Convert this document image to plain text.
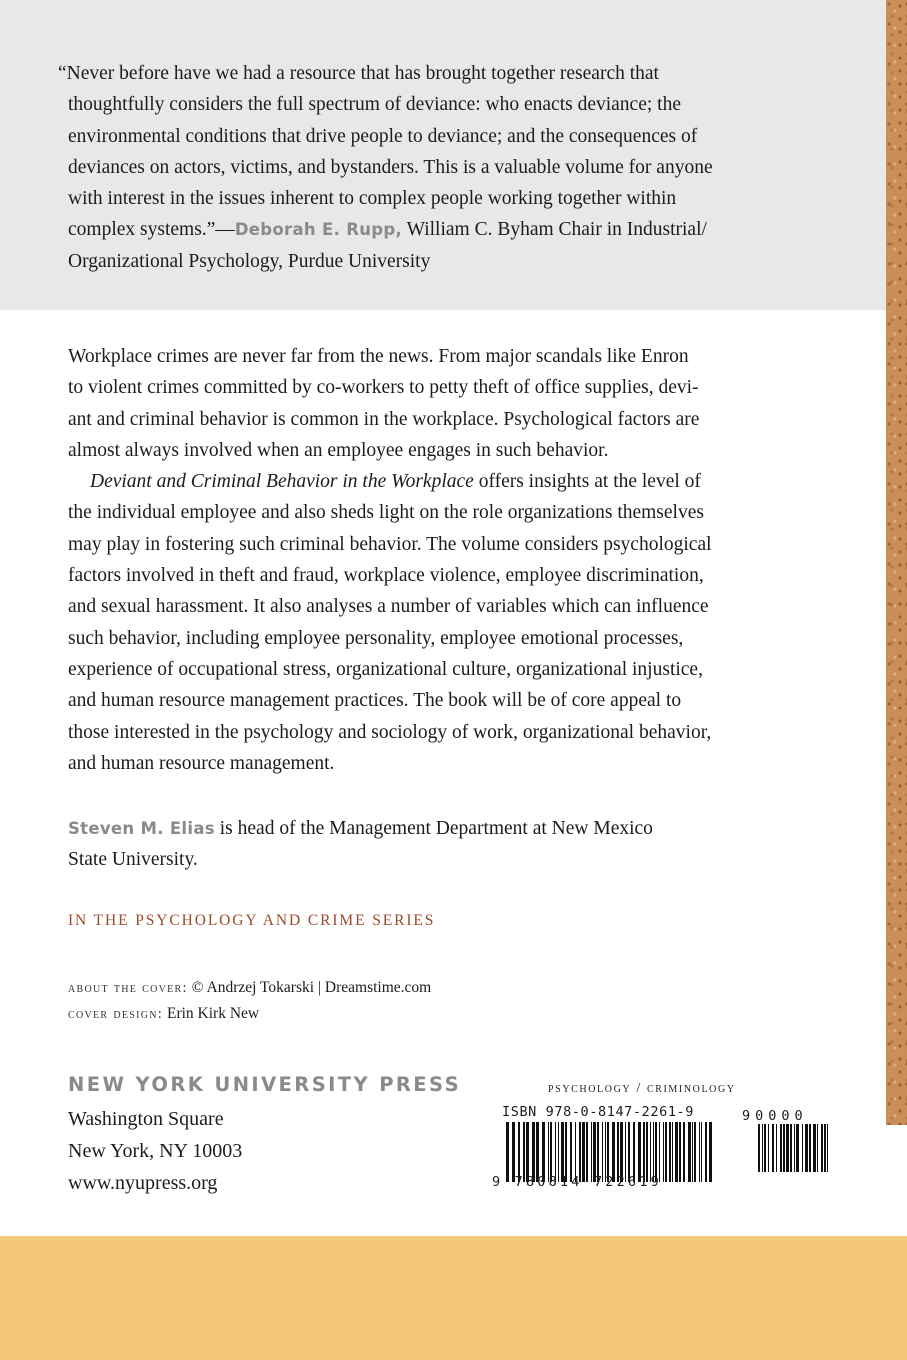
“Never before have we had a resource that has brought together research that
thoughtfully considers the full spectrum of deviance: who enacts deviance; the
environmental conditions that drive people to deviance; and the consequences of
deviances on actors, victims, and bystanders. This is a valuable volume for anyone
with interest in the issues inherent to complex people working together within
complex systems.”—Deborah E. Rupp, William C. Byham Chair in Industrial/
Organizational Psychology, Purdue University

Workplace crimes are never far from the news. From major scandals like Enron
to violent crimes committed by co-workers to petty theft of office supplies, devi-
ant and criminal behavior is common in the workplace. Psychological factors are
almost always involved when an employee engages in such behavior.
Deviant and Criminal Behavior in the Workplace offers insights at the level of
the individual employee and also sheds light on the role organizations themselves
may play in fostering such criminal behavior. The volume considers psychological
factors involved in theft and fraud, workplace violence, employee discrimination,
and sexual harassment. It also analyses a number of variables which can influence
such behavior, including employee personality, employee emotional processes,
experience of occupational stress, organizational culture, organizational injustice,
and human resource management practices. The book will be of core appeal to
those interested in the psychology and sociology of work, organizational behavior,
and human resource management.

Steven M. Elias is head of the Management Department at New Mexico
State University.

IN THE PSYCHOLOGY AND CRIME SERIES
about the cover: © Andrzej Tokarski | Dreamstime.com
cover design: Erin Kirk New
NEW YORK UNIVERSITY PRESS
Washington Square
New York, NY 10003
www.nyupress.org
psychology / criminology
ISBN 978-0-8147-2261-9	90000
9 780814 722619
